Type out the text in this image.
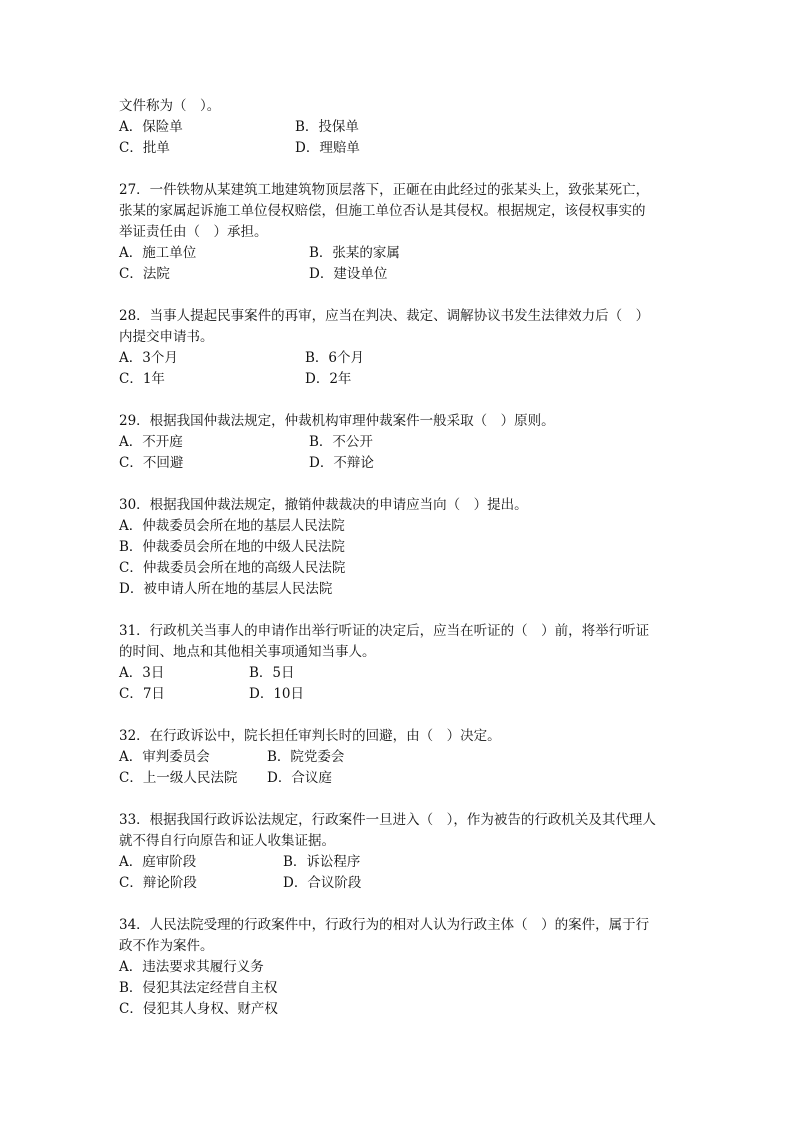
文件称为（　）。
A．保险单	B．投保单
C．批单	D．理赔单
27．一件铁物从某建筑工地建筑物顶层落下，正砸在由此经过的张某头上，致张某死亡，
张某的家属起诉施工单位侵权赔偿，但施工单位否认是其侵权。根据规定，该侵权事实的
举证责任由（　）承担。
A．施工单位	B．张某的家属
C．法院	D．建设单位
28．当事人提起民事案件的再审，应当在判决、裁定、调解协议书发生法律效力后（　）
内提交申请书。
A．3个月	B．6个月
C．1年	D．2年
29．根据我国仲裁法规定，仲裁机构审理仲裁案件一般采取（　）原则。
A．不开庭	B．不公开
C．不回避	D．不辩论
30．根据我国仲裁法规定，撤销仲裁裁决的申请应当向（　）提出。
A．仲裁委员会所在地的基层人民法院
B．仲裁委员会所在地的中级人民法院
C．仲裁委员会所在地的高级人民法院
D．被申请人所在地的基层人民法院
31．行政机关当事人的申请作出举行听证的决定后，应当在听证的（　）前，将举行听证
的时间、地点和其他相关事项通知当事人。
A．3日	B．5日
C．7日	D．10日
32．在行政诉讼中，院长担任审判长时的回避，由（　）决定。
A．审判委员会	B．院党委会
C．上一级人民法院	D．合议庭
33．根据我国行政诉讼法规定，行政案件一旦进入（　），作为被告的行政机关及其代理人
就不得自行向原告和证人收集证据。
A．庭审阶段	B．诉讼程序
C．辩论阶段	D．合议阶段
34．人民法院受理的行政案件中，行政行为的相对人认为行政主体（　）的案件，属于行
政不作为案件。
A．违法要求其履行义务
B．侵犯其法定经营自主权
C．侵犯其人身权、财产权
